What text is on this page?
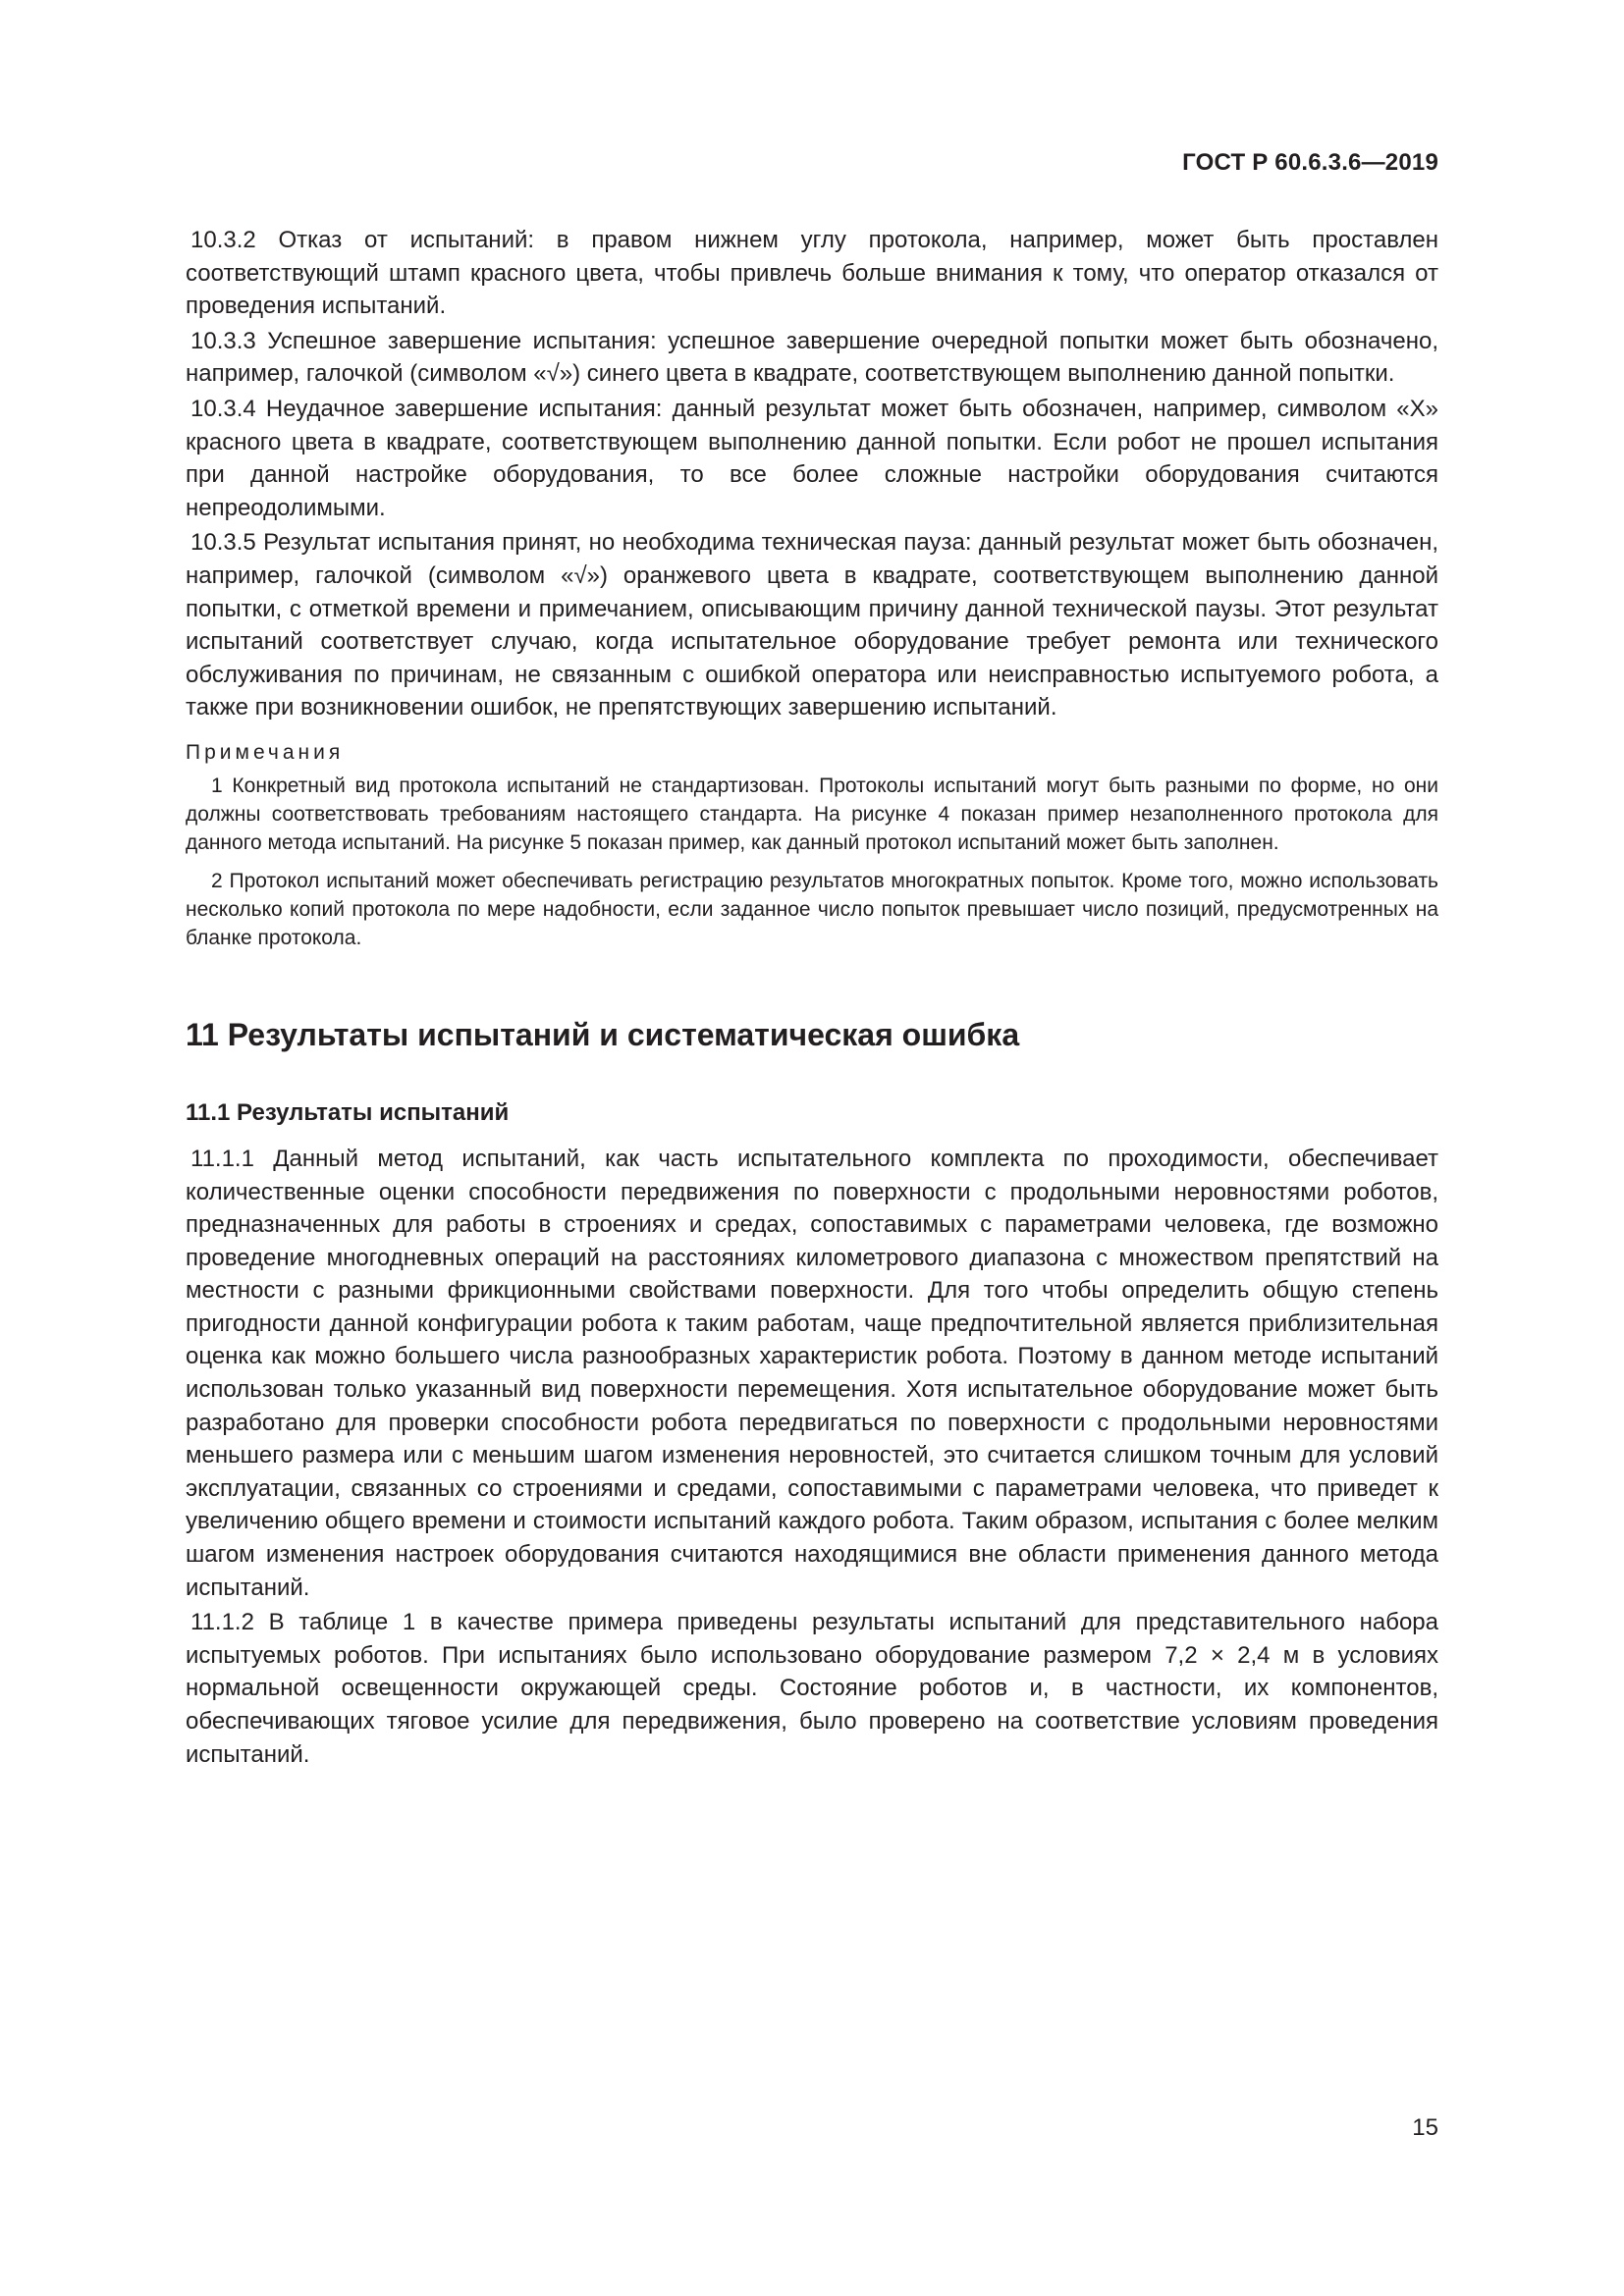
ГОСТ Р 60.6.3.6—2019

10.3.2 Отказ от испытаний: в правом нижнем углу протокола, например, может быть проставлен соответствующий штамп красного цвета, чтобы привлечь больше внимания к тому, что оператор отказался от проведения испытаний.

10.3.3 Успешное завершение испытания: успешное завершение очередной попытки может быть обозначено, например, галочкой (символом «√») синего цвета в квадрате, соответствующем выполнению данной попытки.

10.3.4 Неудачное завершение испытания: данный результат может быть обозначен, например, символом «X» красного цвета в квадрате, соответствующем выполнению данной попытки. Если робот не прошел испытания при данной настройке оборудования, то все более сложные настройки оборудования считаются непреодолимыми.

10.3.5 Результат испытания принят, но необходима техническая пауза: данный результат может быть обозначен, например, галочкой (символом «√») оранжевого цвета в квадрате, соответствующем выполнению данной попытки, с отметкой времени и примечанием, описывающим причину данной технической паузы. Этот результат испытаний соответствует случаю, когда испытательное оборудование требует ремонта или технического обслуживания по причинам, не связанным с ошибкой оператора или неисправностью испытуемого робота, а также при возникновении ошибок, не препятствующих завершению испытаний.

Примечания

1 Конкретный вид протокола испытаний не стандартизован. Протоколы испытаний могут быть разными по форме, но они должны соответствовать требованиям настоящего стандарта. На рисунке 4 показан пример незаполненного протокола для данного метода испытаний. На рисунке 5 показан пример, как данный протокол испытаний может быть заполнен.

2 Протокол испытаний может обеспечивать регистрацию результатов многократных попыток. Кроме того, можно использовать несколько копий протокола по мере надобности, если заданное число попыток превышает число позиций, предусмотренных на бланке протокола.

11 Результаты испытаний и систематическая ошибка
11.1 Результаты испытаний

11.1.1 Данный метод испытаний, как часть испытательного комплекта по проходимости, обеспечивает количественные оценки способности передвижения по поверхности с продольными неровностями роботов, предназначенных для работы в строениях и средах, сопоставимых с параметрами человека, где возможно проведение многодневных операций на расстояниях километрового диапазона с множеством препятствий на местности с разными фрикционными свойствами поверхности. Для того чтобы определить общую степень пригодности данной конфигурации робота к таким работам, чаще предпочтительной является приблизительная оценка как можно большего числа разнообразных характеристик робота. Поэтому в данном методе испытаний использован только указанный вид поверхности перемещения. Хотя испытательное оборудование может быть разработано для проверки способности робота передвигаться по поверхности с продольными неровностями меньшего размера или с меньшим шагом изменения неровностей, это считается слишком точным для условий эксплуатации, связанных со строениями и средами, сопоставимыми с параметрами человека, что приведет к увеличению общего времени и стоимости испытаний каждого робота. Таким образом, испытания с более мелким шагом изменения настроек оборудования считаются находящимися вне области применения данного метода испытаний.

11.1.2 В таблице 1 в качестве примера приведены результаты испытаний для представительного набора испытуемых роботов. При испытаниях было использовано оборудование размером 7,2 × 2,4 м в условиях нормальной освещенности окружающей среды. Состояние роботов и, в частности, их компонентов, обеспечивающих тяговое усилие для передвижения, было проверено на соответствие условиям проведения испытаний.

15
